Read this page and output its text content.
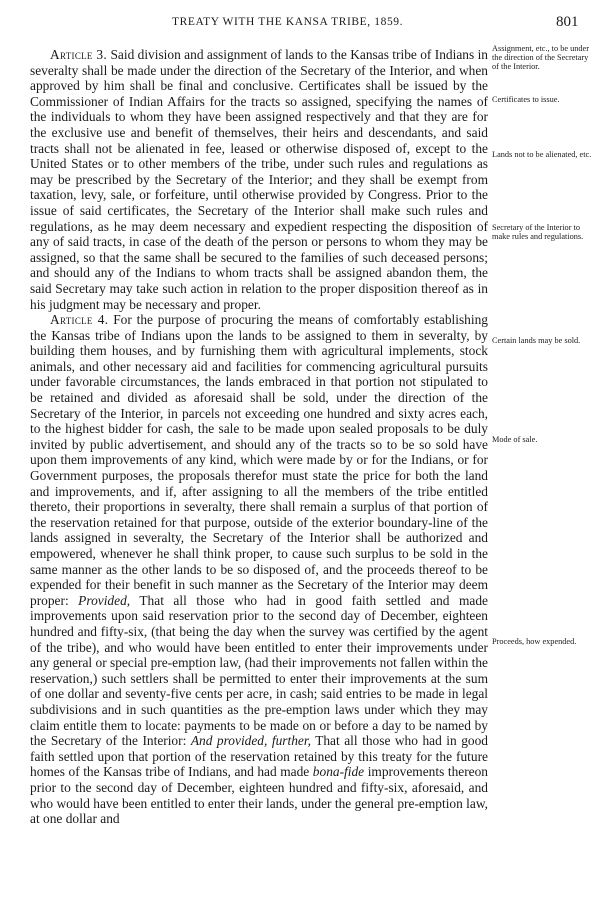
TREATY WITH THE KANSA TRIBE, 1859.	801

Article 3. Said division and assignment of lands to the Kansas tribe of Indians in severalty shall be made under the direction of the Secretary of the Interior, and when approved by him shall be final and conclusive. Certificates shall be issued by the Commissioner of Indian Affairs for the tracts so assigned, specifying the names of the individuals to whom they have been assigned respectively and that they are for the exclusive use and benefit of themselves, their heirs and descendants, and said tracts shall not be alienated in fee, leased or otherwise disposed of, except to the United States or to other members of the tribe, under such rules and regulations as may be prescribed by the Secretary of the Interior; and they shall be exempt from taxation, levy, sale, or forfeiture, until otherwise provided by Congress. Prior to the issue of said certificates, the Secretary of the Interior shall make such rules and regulations, as he may deem necessary and expedient respecting the disposition of any of said tracts, in case of the death of the person or persons to whom they may be assigned, so that the same shall be secured to the families of such deceased persons; and should any of the Indians to whom tracts shall be assigned abandon them, the said Secretary may take such action in relation to the proper disposition thereof as in his judgment may be necessary and proper.

Article 4. For the purpose of procuring the means of comfortably establishing the Kansas tribe of Indians upon the lands to be assigned to them in severalty, by building them houses, and by furnishing them with agricultural implements, stock animals, and other necessary aid and facilities for commencing agricultural pursuits under favorable circumstances, the lands embraced in that portion not stipulated to be retained and divided as aforesaid shall be sold, under the direction of the Secretary of the Interior, in parcels not exceeding one hundred and sixty acres each, to the highest bidder for cash, the sale to be made upon sealed proposals to be duly invited by public advertisement, and should any of the tracts so to be so sold have upon them improvements of any kind, which were made by or for the Indians, or for Government purposes, the proposals therefor must state the price for both the land and improvements, and if, after assigning to all the members of the tribe entitled thereto, their proportions in severalty, there shall remain a surplus of that portion of the reservation retained for that purpose, outside of the exterior boundary-line of the lands assigned in severalty, the Secretary of the Interior shall be authorized and empowered, whenever he shall think proper, to cause such surplus to be sold in the same manner as the other lands to be so disposed of, and the proceeds thereof to be expended for their benefit in such manner as the Secretary of the Interior may deem proper: Provided, That all those who had in good faith settled and made improvements upon said reservation prior to the second day of December, eighteen hundred and fifty-six, (that being the day when the survey was certified by the agent of the tribe), and who would have been entitled to enter their improvements under any general or special pre-emption law, (had their improvements not fallen within the reservation,) such settlers shall be permitted to enter their improvements at the sum of one dollar and seventy-five cents per acre, in cash; said entries to be made in legal subdivisions and in such quantities as the pre-emption laws under which they may claim entitle them to locate: payments to be made on or before a day to be named by the Secretary of the Interior: And provided, further, That all those who had in good faith settled upon that portion of the reservation retained by this treaty for the future homes of the Kansas tribe of Indians, and had made bona-fide improvements thereon prior to the second day of December, eighteen hundred and fifty-six, aforesaid, and who would have been entitled to enter their lands, under the general pre-emption law, at one dollar and

Assignment, etc., to be under the direction of the Secretary of the Interior.
Certificates to issue.
Lands not to be alienated, etc.
Secretary of the Interior to make rules and regulations.
Certain lands may be sold.
Mode of sale.
Proceeds, how expended.
